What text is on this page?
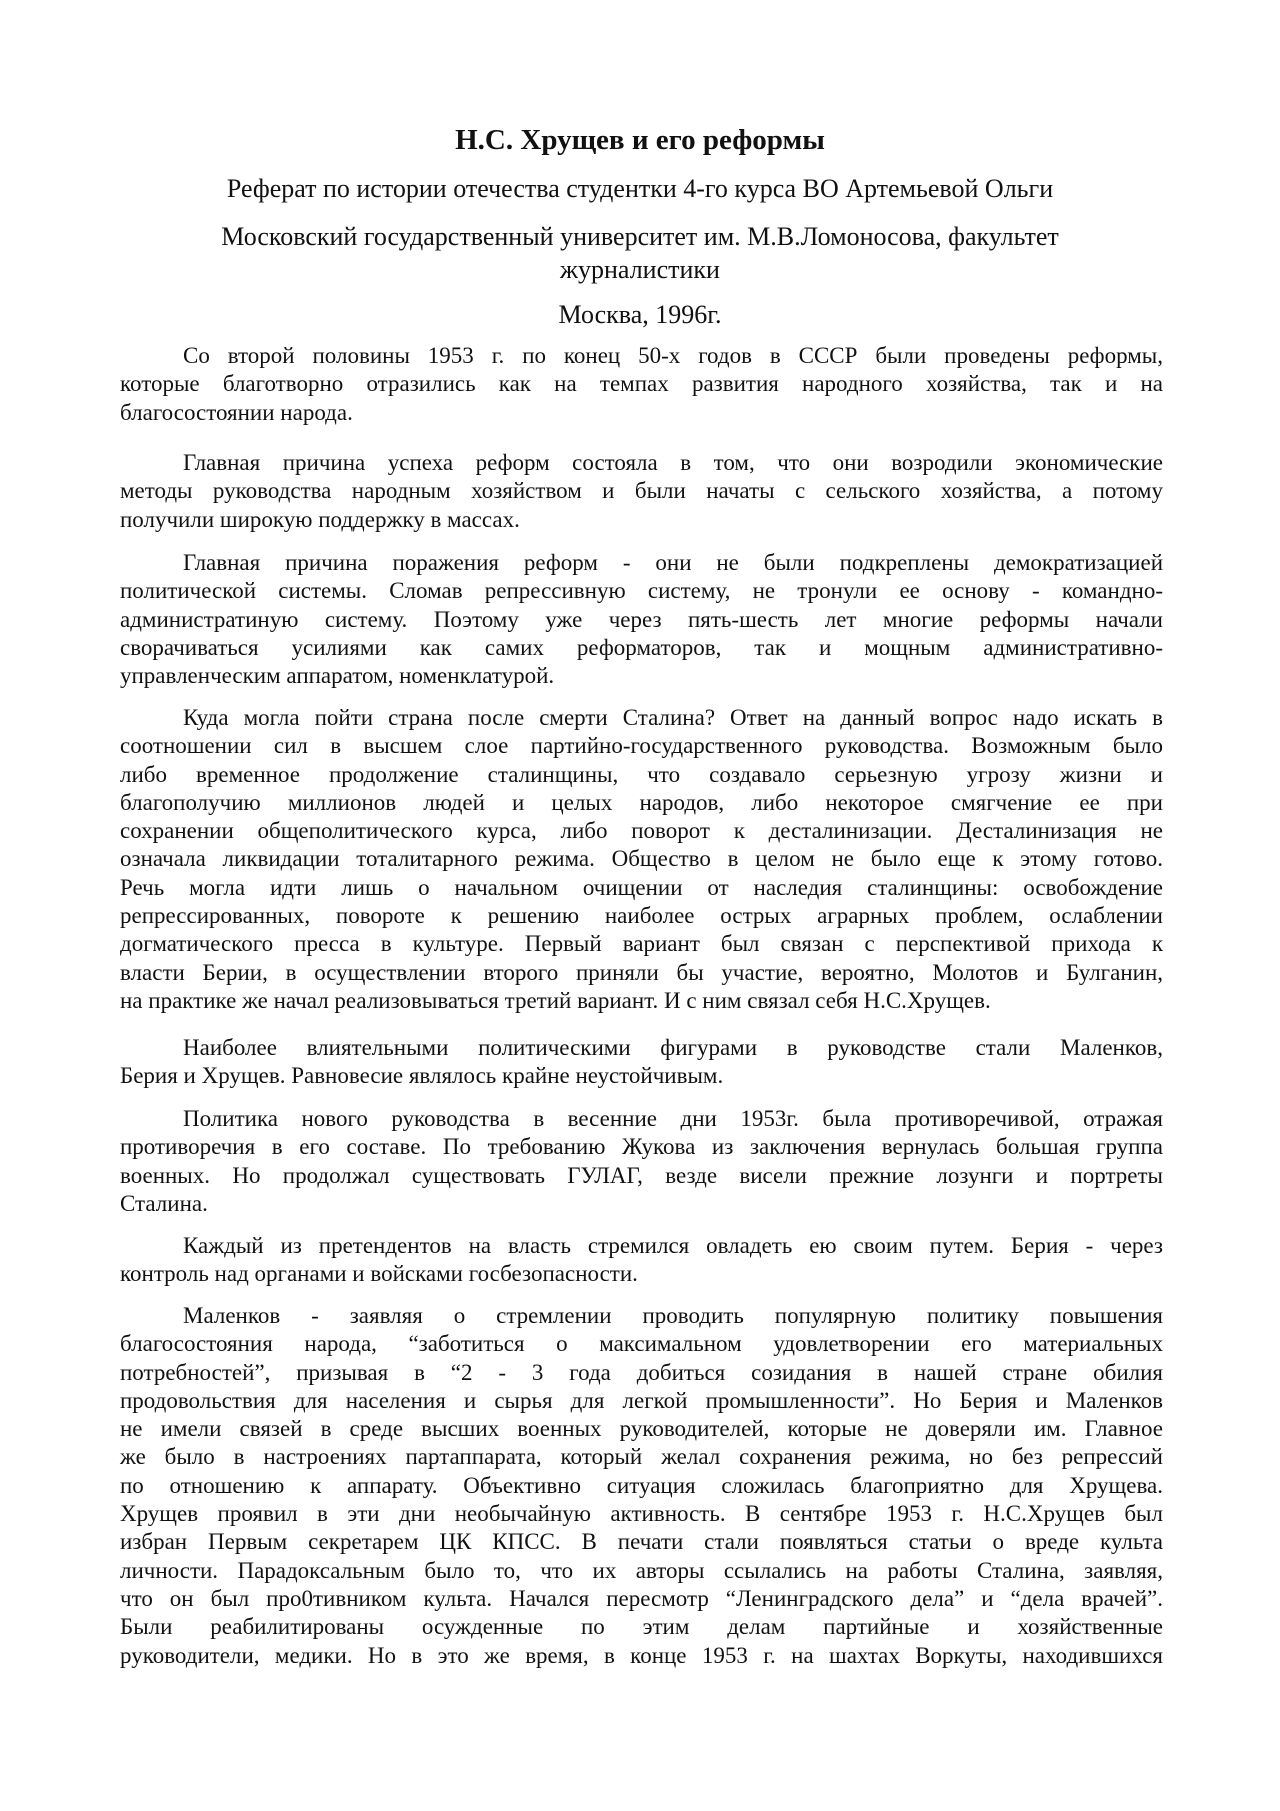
Н.С. Хрущев и его реформы
Реферат по истории отечества студентки 4-го курса ВО Артемьевой Ольги
Московский государственный университет им. М.В.Ломоносова, факультет
журналистики
Москва, 1996г.
Со второй половины 1953 г. по конец 50-х годов в СССР были проведены реформы,
которые благотворно отразились как на темпах развития народного хозяйства, так и на
благосостоянии народа.
Главная причина успеха реформ состояла в том, что они возродили экономические
методы руководства народным хозяйством и были начаты с сельского хозяйства, а потому
получили широкую поддержку в массах.
Главная причина поражения реформ - они не были подкреплены демократизацией
политической системы. Сломав репрессивную систему, не тронули ее основу - командно-
администратиную систему. Поэтому уже через пять-шесть лет многие реформы начали
сворачиваться усилиями как самих реформаторов, так и мощным административно-
управленческим аппаратом, номенклатурой.
Куда могла пойти страна после смерти Сталина? Ответ на данный вопрос надо искать в
соотношении сил в высшем слое партийно-государственного руководства. Возможным было
либо временное продолжение сталинщины, что создавало серьезную угрозу жизни и
благополучию миллионов людей и целых народов, либо некоторое смягчение ее при
сохранении общеполитического курса, либо поворот к десталинизации. Десталинизация не
означала ликвидации тоталитарного режима. Общество в целом не было еще к этому готово.
Речь могла идти лишь о начальном очищении от наследия сталинщины: освобождение
репрессированных, повороте к решению наиболее острых аграрных проблем, ослаблении
догматического пресса в культуре. Первый вариант был связан с перспективой прихода к
власти Берии, в осуществлении второго приняли бы участие, вероятно, Молотов и Булганин,
на практике же начал реализовываться третий вариант. И с ним связал себя Н.С.Хрущев.
Наиболее влиятельными политическими фигурами в руководстве стали Маленков,
Берия и Хрущев. Равновесие являлось крайне неустойчивым.
Политика нового руководства в весенние дни 1953г. была противоречивой, отражая
противоречия в его составе. По требованию Жукова из заключения вернулась большая группа
военных. Но продолжал существовать ГУЛАГ, везде висели прежние лозунги и портреты
Сталина.
Каждый из претендентов на власть стремился овладеть ею своим путем. Берия - через
контроль над органами и войсками госбезопасности.
Маленков - заявляя о стремлении проводить популярную политику повышения
благосостояния народа, “заботиться о максимальном удовлетворении его материальных
потребностей”, призывая в “2 - 3 года добиться созидания в нашей стране обилия
продовольствия для населения и сырья для легкой промышленности”. Но Берия и Маленков
не имели связей в среде высших военных руководителей, которые не доверяли им. Главное
же было в настроениях партаппарата, который желал сохранения режима, но без репрессий
по отношению к аппарату. Объективно ситуация сложилась благоприятно для Хрущева.
Хрущев проявил в эти дни необычайную активность. В сентябре 1953 г. Н.С.Хрущев был
избран Первым секретарем ЦК КПСС. В печати стали появляться статьи о вреде культа
личности. Парадоксальным было то, что их авторы ссылались на работы Сталина, заявляя,
что он был про0тивником культа. Начался пересмотр “Ленинградского дела” и “дела врачей”.
Были реабилитированы осужденные по этим делам партийные и хозяйственные
руководители, медики. Но в это же время, в конце 1953 г. на шахтах Воркуты, находившихся
